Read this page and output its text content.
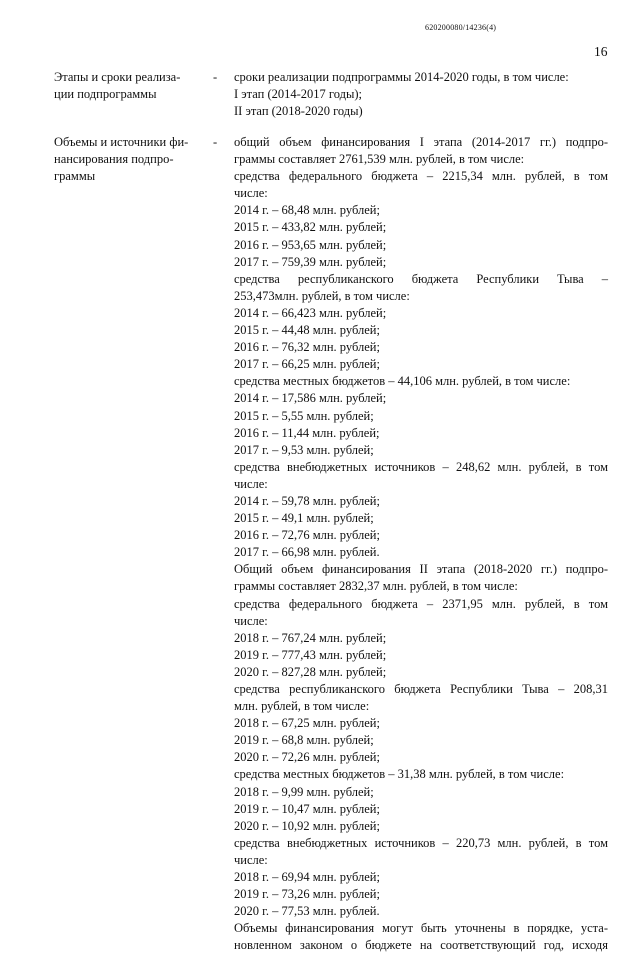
620200080/14236(4)
16
Этапы и сроки реализа-
ции подпрограммы
- сроки реализации подпрограммы 2014-2020 годы, в том числе:
I этап (2014-2017 годы);
II этап (2018-2020 годы)
Объемы и источники фи-
нансирования подпро-
граммы
- общий объем финансирования I этапа (2014-2017 гг.) подпро-
граммы составляет 2761,539 млн. рублей, в том числе:
средства федерального бюджета – 2215,34 млн. рублей, в том
числе:
2014 г. – 68,48 млн. рублей;
2015 г. – 433,82 млн. рублей;
2016 г. – 953,65 млн. рублей;
2017 г. – 759,39 млн. рублей;
средства республиканского бюджета Республики Тыва –
253,473млн. рублей, в том числе:
2014 г. – 66,423 млн. рублей;
2015 г. – 44,48 млн. рублей;
2016 г. – 76,32 млн. рублей;
2017 г. – 66,25 млн. рублей;
средства местных бюджетов – 44,106 млн. рублей, в том числе:
2014 г. – 17,586 млн. рублей;
2015 г. – 5,55 млн. рублей;
2016 г. – 11,44 млн. рублей;
2017 г. – 9,53 млн. рублей;
средства внебюджетных источников – 248,62 млн. рублей, в том
числе:
2014 г. – 59,78 млн. рублей;
2015 г. – 49,1 млн. рублей;
2016 г. – 72,76 млн. рублей;
2017 г. – 66,98 млн. рублей.
Общий объем финансирования II этапа (2018-2020 гг.) подпро-
граммы составляет 2832,37 млн. рублей, в том числе:
средства федерального бюджета – 2371,95 млн. рублей, в том
числе:
2018 г. – 767,24 млн. рублей;
2019 г. – 777,43 млн. рублей;
2020 г. – 827,28 млн. рублей;
средства республиканского бюджета Республики Тыва – 208,31
млн. рублей, в том числе:
2018 г. – 67,25 млн. рублей;
2019 г. – 68,8 млн. рублей;
2020 г. – 72,26 млн. рублей;
средства местных бюджетов – 31,38 млн. рублей, в том числе:
2018 г. – 9,99 млн. рублей;
2019 г. – 10,47 млн. рублей;
2020 г. – 10,92 млн. рублей;
средства внебюджетных источников – 220,73 млн. рублей, в том
числе:
2018 г. – 69,94 млн. рублей;
2019 г. – 73,26 млн. рублей;
2020 г. – 77,53 млн. рублей.
Объемы финансирования могут быть уточнены в порядке, уста-
новленном законом о бюджете на соответствующий год, исходя
